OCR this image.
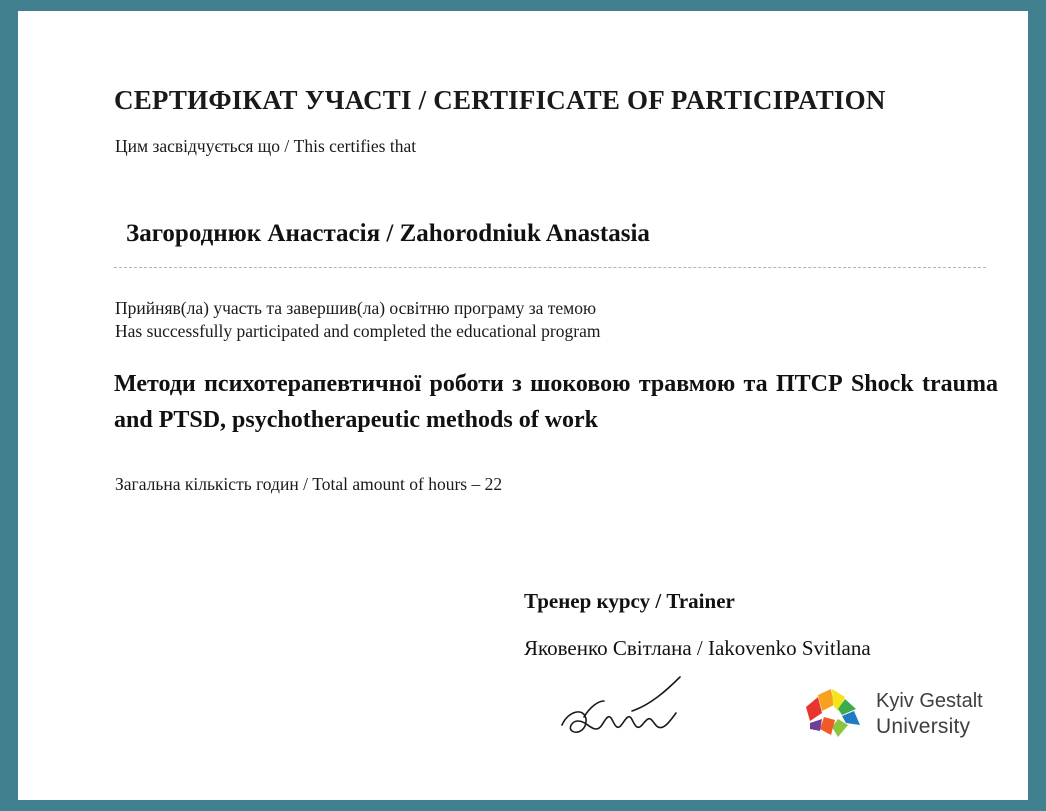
СЕРТИФІКАТ УЧАСТІ / CERTIFICATE OF PARTICIPATION
Цим засвідчується що / This certifies that
Загороднюк Анастасія / Zahorodniuk Anastasia
Прийняв(ла) участь та завершив(ла) освітню програму за темою
Has successfully participated and completed the educational program
Методи психотерапевтичної роботи з шоковою травмою та ПТСР Shock trauma and PTSD, psychotherapeutic methods of work
Загальна кількість годин / Total amount of hours – 22
Тренер курсу / Trainer
Яковенко Світлана / Iakovenko Svitlana
Kyiv Gestalt
University
